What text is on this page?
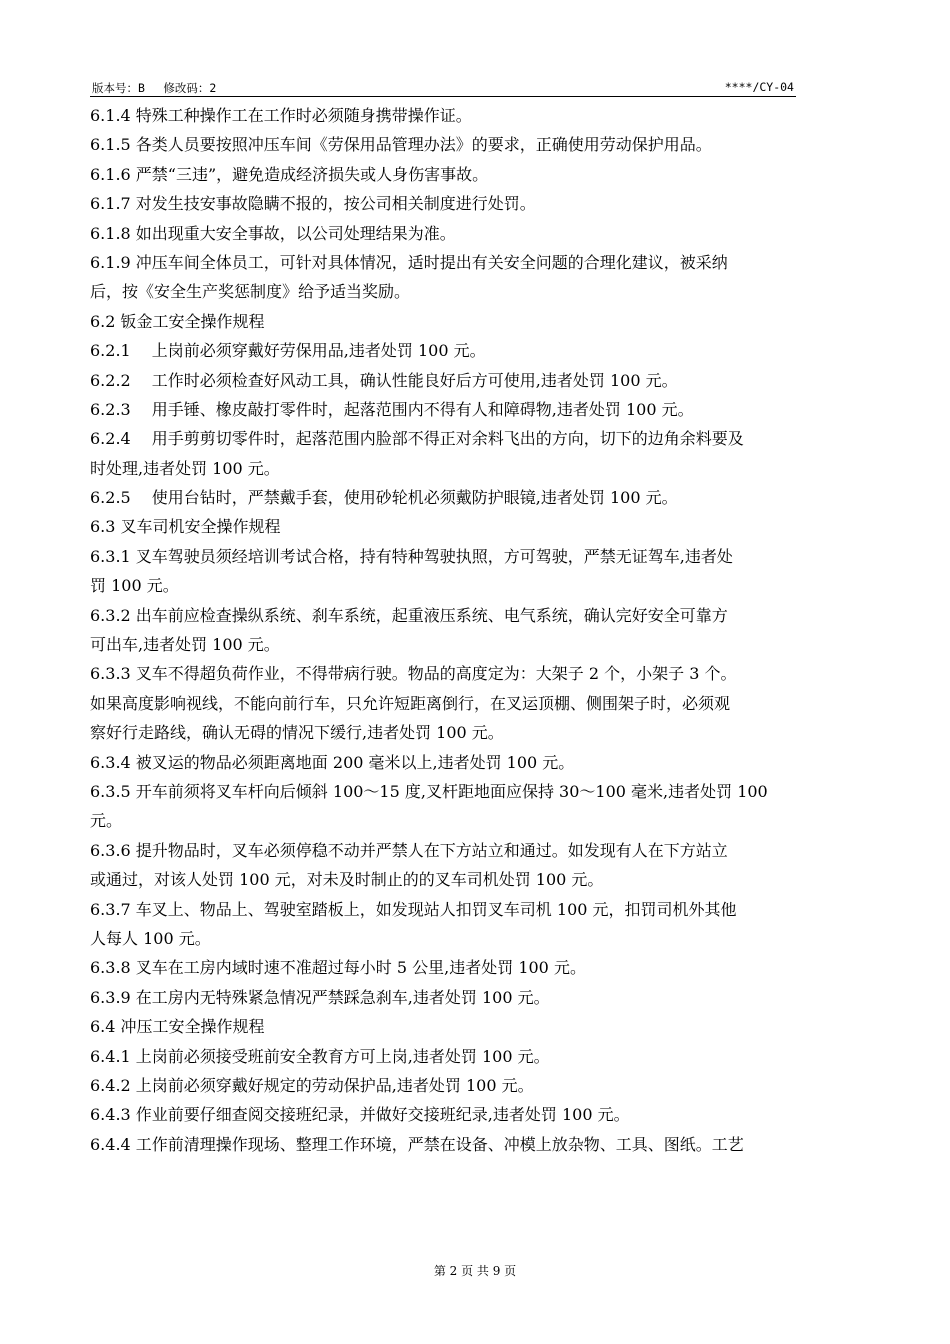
版本号：B　 修改码：2	****/CY-04
6.1.4 特殊工种操作工在工作时必须随身携带操作证。
6.1.5 各类人员要按照冲压车间《劳保用品管理办法》的要求，正确使用劳动保护用品。
6.1.6 严禁“三违”，避免造成经济损失或人身伤害事故。
6.1.7 对发生技安事故隐瞒不报的，按公司相关制度进行处罚。
6.1.8 如出现重大安全事故，以公司处理结果为准。
6.1.9 冲压车间全体员工，可针对具体情况，适时提出有关安全问题的合理化建议，被采纳
后，按《安全生产奖惩制度》给予适当奖励。
6.2 钣金工安全操作规程
6.2.1　 上岗前必须穿戴好劳保用品,违者处罚 100 元。
6.2.2　 工作时必须检查好风动工具，确认性能良好后方可使用,违者处罚 100 元。
6.2.3　 用手锤、橡皮敲打零件时，起落范围内不得有人和障碍物,违者处罚 100 元。
6.2.4　 用手剪剪切零件时，起落范围内脸部不得正对余料飞出的方向，切下的边角余料要及
时处理,违者处罚 100 元。
6.2.5　 使用台钻时，严禁戴手套，使用砂轮机必须戴防护眼镜,违者处罚 100 元。
6.3 叉车司机安全操作规程
6.3.1 叉车驾驶员须经培训考试合格，持有特种驾驶执照，方可驾驶，严禁无证驾车,违者处
罚 100 元。
6.3.2 出车前应检查操纵系统、刹车系统，起重液压系统、电气系统，确认完好安全可靠方
可出车,违者处罚 100 元。
6.3.3 叉车不得超负荷作业，不得带病行驶。物品的高度定为：大架子 2 个，小架子 3 个。
如果高度影响视线，不能向前行车，只允许短距离倒行，在叉运顶棚、侧围架子时，必须观
察好行走路线，确认无碍的情况下缓行,违者处罚 100 元。
6.3.4 被叉运的物品必须距离地面 200 毫米以上,违者处罚 100 元。
6.3.5 开车前须将叉车杆向后倾斜 100～15 度,叉杆距地面应保持 30～100 毫米,违者处罚 100
元。
6.3.6 提升物品时，叉车必须停稳不动并严禁人在下方站立和通过。如发现有人在下方站立
或通过，对该人处罚 100 元，对未及时制止的的叉车司机处罚 100 元。
6.3.7 车叉上、物品上、驾驶室踏板上，如发现站人扣罚叉车司机 100 元，扣罚司机外其他
人每人 100 元。
6.3.8 叉车在工房内域时速不准超过每小时 5 公里,违者处罚 100 元。
6.3.9 在工房内无特殊紧急情况严禁踩急刹车,违者处罚 100 元。
6.4 冲压工安全操作规程
6.4.1 上岗前必须接受班前安全教育方可上岗,违者处罚 100 元。
6.4.2 上岗前必须穿戴好规定的劳动保护品,违者处罚 100 元。
6.4.3 作业前要仔细查阅交接班纪录，并做好交接班纪录,违者处罚 100 元。
6.4.4 工作前清理操作现场、整理工作环境，严禁在设备、冲模上放杂物、工具、图纸。工艺
第 2 页 共 9 页
